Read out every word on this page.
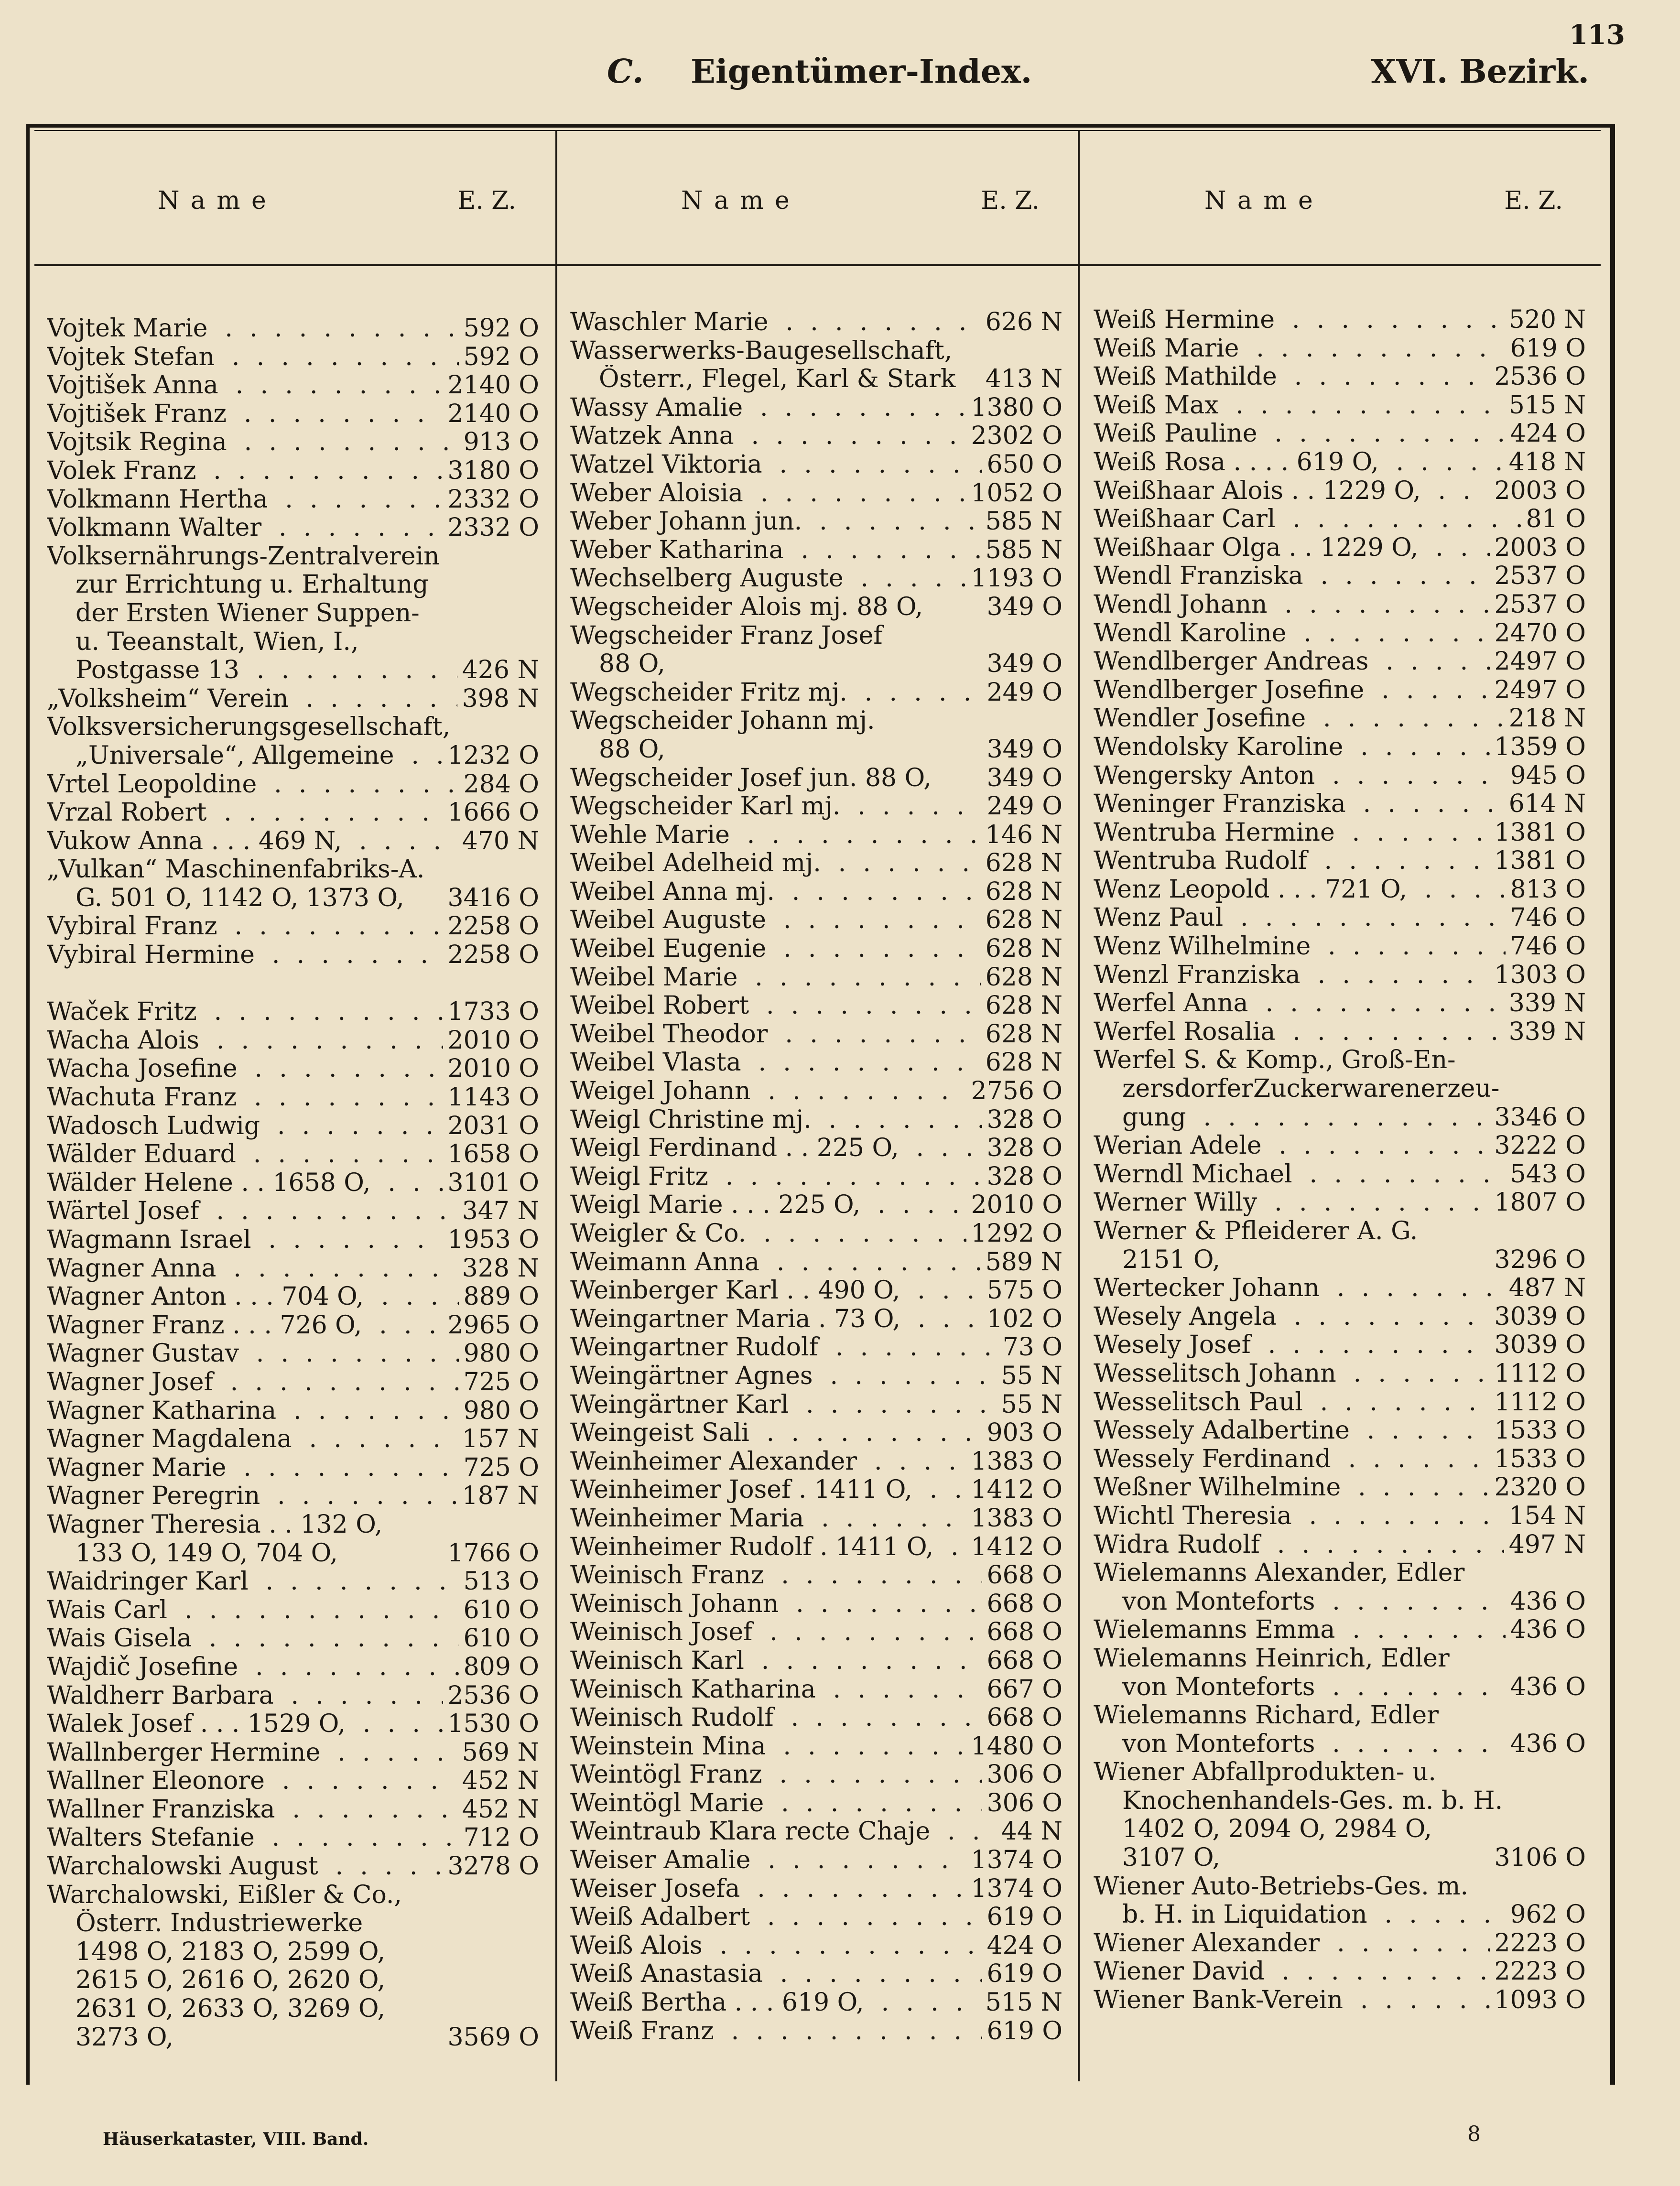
113
C. Eigentümer-Index.	XVI. Bezirk.
Name	E. Z.	Name	E. Z.	Name	E. Z.
Vojtek Marie . . .	592 O
Vojtek Stefan . . .	592 O
Vojtišek Anna . . .	2140 O
Vojtišek Franz . . .	2140 O
Vojtsik Regina . . .	913 O
Volek Franz . . .	3180 O
Volkmann Hertha . . .	2332 O
Volkmann Walter . . .	2332 O
Volksernährungs-Zentralverein
zur Errichtung u. Erhaltung
der Ersten Wiener Suppen-
u. Teeanstalt, Wien, I.,
Postgasse 13 . . .	426 N
„Volksheim“ Verein . . .	398 N
Volksversicherungsgesellschaft,
„Universale“, Allgemeine . . .	1232 O
Vrtel Leopoldine . . .	284 O
Vrzal Robert . . .	1666 O
Vukow Anna . . . 469 N, . . .	470 N
„Vulkan“ Maschinenfabriks-A.
G. 501 O, 1142 O, 1373 O,	3416 O
Vybiral Franz . . .	2258 O
Vybiral Hermine . . .	2258 O
Waček Fritz . . .	1733 O
Wacha Alois . . .	2010 O
Wacha Josefine . . .	2010 O
Wachuta Franz . . .	1143 O
Wadosch Ludwig . . .	2031 O
Wälder Eduard . . .	1658 O
Wälder Helene . . 1658 O, . . .	3101 O
Wärtel Josef . . .	347 N
Wagmann Israel . . .	1953 O
Wagner Anna . . .	328 N
Wagner Anton . . . 704 O, . . .	889 O
Wagner Franz . . . 726 O, . . .	2965 O
Wagner Gustav . . .	980 O
Wagner Josef . . .	725 O
Wagner Katharina . . .	980 O
Wagner Magdalena . . .	157 N
Wagner Marie . . .	725 O
Wagner Peregrin . . .	187 N
Wagner Theresia . . 132 O,
133 O, 149 O, 704 O,	1766 O
Waidringer Karl . . .	513 O
Wais Carl . . .	610 O
Wais Gisela . . .	610 O
Wajdič Josefine . . .	809 O
Waldherr Barbara . . .	2536 O
Walek Josef . . . 1529 O, . . .	1530 O
Wallnberger Hermine . . .	569 N
Wallner Eleonore . . .	452 N
Wallner Franziska . . .	452 N
Walters Stefanie . . .	712 O
Warchalowski August . . .	3278 O
Warchalowski, Eißler & Co.,
Österr. Industriewerke
1498 O, 2183 O, 2599 O,
2615 O, 2616 O, 2620 O,
2631 O, 2633 O, 3269 O,
3273 O,	3569 O
Waschler Marie . . .	626 N
Wasserwerks-Baugesellschaft,
Österr., Flegel, Karl & Stark	413 N
Wassy Amalie . . .	1380 O
Watzek Anna . . .	2302 O
Watzel Viktoria . . .	650 O
Weber Aloisia . . .	1052 O
Weber Johann jun. . . .	585 N
Weber Katharina . . .	585 N
Wechselberg Auguste . . .	1193 O
Wegscheider Alois mj. 88 O,	349 O
Wegscheider Franz Josef
88 O,	349 O
Wegscheider Fritz mj. . . .	249 O
Wegscheider Johann mj.
88 O,	349 O
Wegscheider Josef jun. 88 O,	349 O
Wegscheider Karl mj. . . .	249 O
Wehle Marie . . .	146 N
Weibel Adelheid mj. . . .	628 N
Weibel Anna mj. . . .	628 N
Weibel Auguste . . .	628 N
Weibel Eugenie . . .	628 N
Weibel Marie . . .	628 N
Weibel Robert . . .	628 N
Weibel Theodor . . .	628 N
Weibel Vlasta . . .	628 N
Weigel Johann . . .	2756 O
Weigl Christine mj. . . .	328 O
Weigl Ferdinand . . 225 O, . . .	328 O
Weigl Fritz . . .	328 O
Weigl Marie . . . 225 O, . . .	2010 O
Weigler & Co. . . .	1292 O
Weimann Anna . . .	589 N
Weinberger Karl . . 490 O, . . .	575 O
Weingartner Maria . 73 O, . . .	102 O
Weingartner Rudolf . . .	73 O
Weingärtner Agnes . . .	55 N
Weingärtner Karl . . .	55 N
Weingeist Sali . . .	903 O
Weinheimer Alexander . . .	1383 O
Weinheimer Josef . 1411 O, . . .	1412 O
Weinheimer Maria . . .	1383 O
Weinheimer Rudolf . 1411 O, . . .	1412 O
Weinisch Franz . . .	668 O
Weinisch Johann . . .	668 O
Weinisch Josef . . .	668 O
Weinisch Karl . . .	668 O
Weinisch Katharina . . .	667 O
Weinisch Rudolf . . .	668 O
Weinstein Mina . . .	1480 O
Weintögl Franz . . .	306 O
Weintögl Marie . . .	306 O
Weintraub Klara recte Chaje . . .	44 N
Weiser Amalie . . .	1374 O
Weiser Josefa . . .	1374 O
Weiß Adalbert . . .	619 O
Weiß Alois . . .	424 O
Weiß Anastasia . . .	619 O
Weiß Bertha . . . 619 O, . . .	515 N
Weiß Franz . . .	619 O
Weiß Hermine . . .	520 N
Weiß Marie . . .	619 O
Weiß Mathilde . . .	2536 O
Weiß Max . . .	515 N
Weiß Pauline . . .	424 O
Weiß Rosa . . . . 619 O, . . .	418 N
Weißhaar Alois . . 1229 O, . . .	2003 O
Weißhaar Carl . . .	81 O
Weißhaar Olga . . 1229 O, . . .	2003 O
Wendl Franziska . . .	2537 O
Wendl Johann . . .	2537 O
Wendl Karoline . . .	2470 O
Wendlberger Andreas . . .	2497 O
Wendlberger Josefine . . .	2497 O
Wendler Josefine . . .	218 N
Wendolsky Karoline . . .	1359 O
Wengersky Anton . . .	945 O
Weninger Franziska . . .	614 N
Wentruba Hermine . . .	1381 O
Wentruba Rudolf . . .	1381 O
Wenz Leopold . . . 721 O, . . .	813 O
Wenz Paul . . .	746 O
Wenz Wilhelmine . . .	746 O
Wenzl Franziska . . .	1303 O
Werfel Anna . . .	339 N
Werfel Rosalia . . .	339 N
Werfel S. & Komp., Groß-En-
zersdorferZuckerwarenerzeu-
gung . . .	3346 O
Werian Adele . . .	3222 O
Werndl Michael . . .	543 O
Werner Willy . . .	1807 O
Werner & Pfleiderer A. G.
2151 O,	3296 O
Wertecker Johann . . .	487 N
Wesely Angela . . .	3039 O
Wesely Josef . . .	3039 O
Wesselitsch Johann . . .	1112 O
Wesselitsch Paul . . .	1112 O
Wessely Adalbertine . . .	1533 O
Wessely Ferdinand . . .	1533 O
Weßner Wilhelmine . . .	2320 O
Wichtl Theresia . . .	154 N
Widra Rudolf . . .	497 N
Wielemanns Alexander, Edler
von Monteforts . . .	436 O
Wielemanns Emma . . .	436 O
Wielemanns Heinrich, Edler
von Monteforts . . .	436 O
Wielemanns Richard, Edler
von Monteforts . . .	436 O
Wiener Abfallprodukten- u.
Knochenhandels-Ges. m. b. H.
1402 O, 2094 O, 2984 O,
3107 O,	3106 O
Wiener Auto-Betriebs-Ges. m.
b. H. in Liquidation . . .	962 O
Wiener Alexander . . .	2223 O
Wiener David . . .	2223 O
Wiener Bank-Verein . . .	1093 O
Häuserkataster, VIII. Band.	8
